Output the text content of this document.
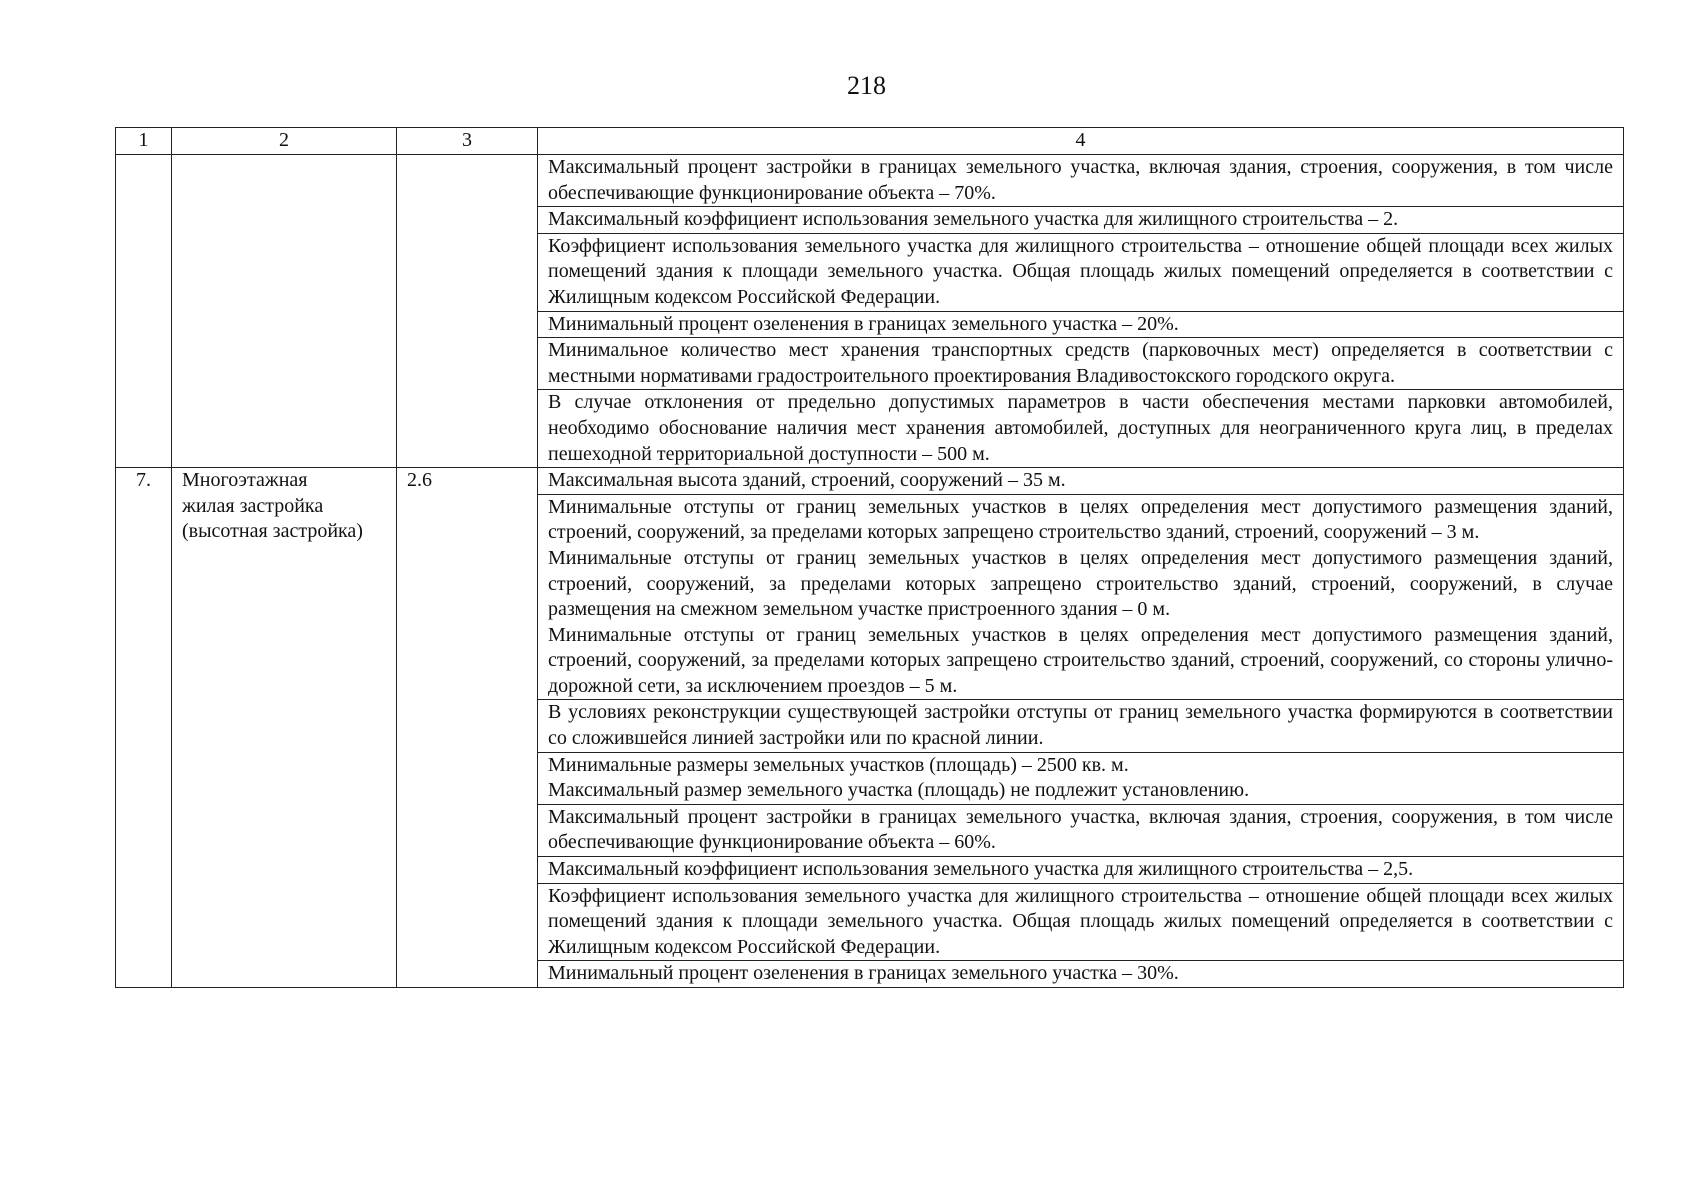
218
1	2	3	4
			Максимальный процент застройки в границах земельного участка, включая здания, строения, сооружения, в том числе обеспечивающие функционирование объекта – 70%.
			Максимальный коэффициент использования земельного участка для жилищного строительства – 2.
			Коэффициент использования земельного участка для жилищного строительства – отношение общей площади всех жилых помещений здания к площади земельного участка. Общая площадь жилых помещений определяется в соответствии с Жилищным кодексом Российской Федерации.
			Минимальный процент озеленения в границах земельного участка – 20%.
			Минимальное количество мест хранения транспортных средств (парковочных мест) определяется в соответствии с местными нормативами градостроительного проектирования Владивостокского городского округа.
			В случае отклонения от предельно допустимых параметров в части обеспечения местами парковки автомобилей, необходимо обоснование наличия мест хранения автомобилей, доступных для неограниченного круга лиц, в пределах пешеходной территориальной доступности – 500 м.
7.	Многоэтажная
жилая застройка
(высотная застройка)	2.6	Максимальная высота зданий, строений, сооружений – 35 м.

			Минимальные отступы от границ земельных участков в целях определения мест допустимого размещения зданий, строений, сооружений, за пределами которых запрещено строительство зданий, строений, сооружений – 3 м.
Минимальные отступы от границ земельных участков в целях определения мест допустимого размещения зданий, строений, сооружений, за пределами которых запрещено строительство зданий, строений, сооружений, в случае размещения на смежном земельном участке пристроенного здания – 0 м.
Минимальные отступы от границ земельных участков в целях определения мест допустимого размещения зданий, строений, сооружений, за пределами которых запрещено строительство зданий, строений, сооружений, со стороны улично-дорожной сети, за исключением проездов – 5 м.

			В условиях реконструкции существующей застройки отступы от границ земельного участка формируются в соответствии со сложившейся линией застройки или по красной линии.

			Минимальные размеры земельных участков (площадь) – 2500 кв. м.
Максимальный размер земельного участка (площадь) не подлежит установлению.

			Максимальный процент застройки в границах земельного участка, включая здания, строения, сооружения, в том числе обеспечивающие функционирование объекта – 60%.
			Максимальный коэффициент использования земельного участка для жилищного строительства – 2,5.
			Коэффициент использования земельного участка для жилищного строительства – отношение общей площади всех жилых помещений здания к площади земельного участка. Общая площадь жилых помещений определяется в соответствии с Жилищным кодексом Российской Федерации.
			Минимальный процент озеленения в границах земельного участка – 30%.
